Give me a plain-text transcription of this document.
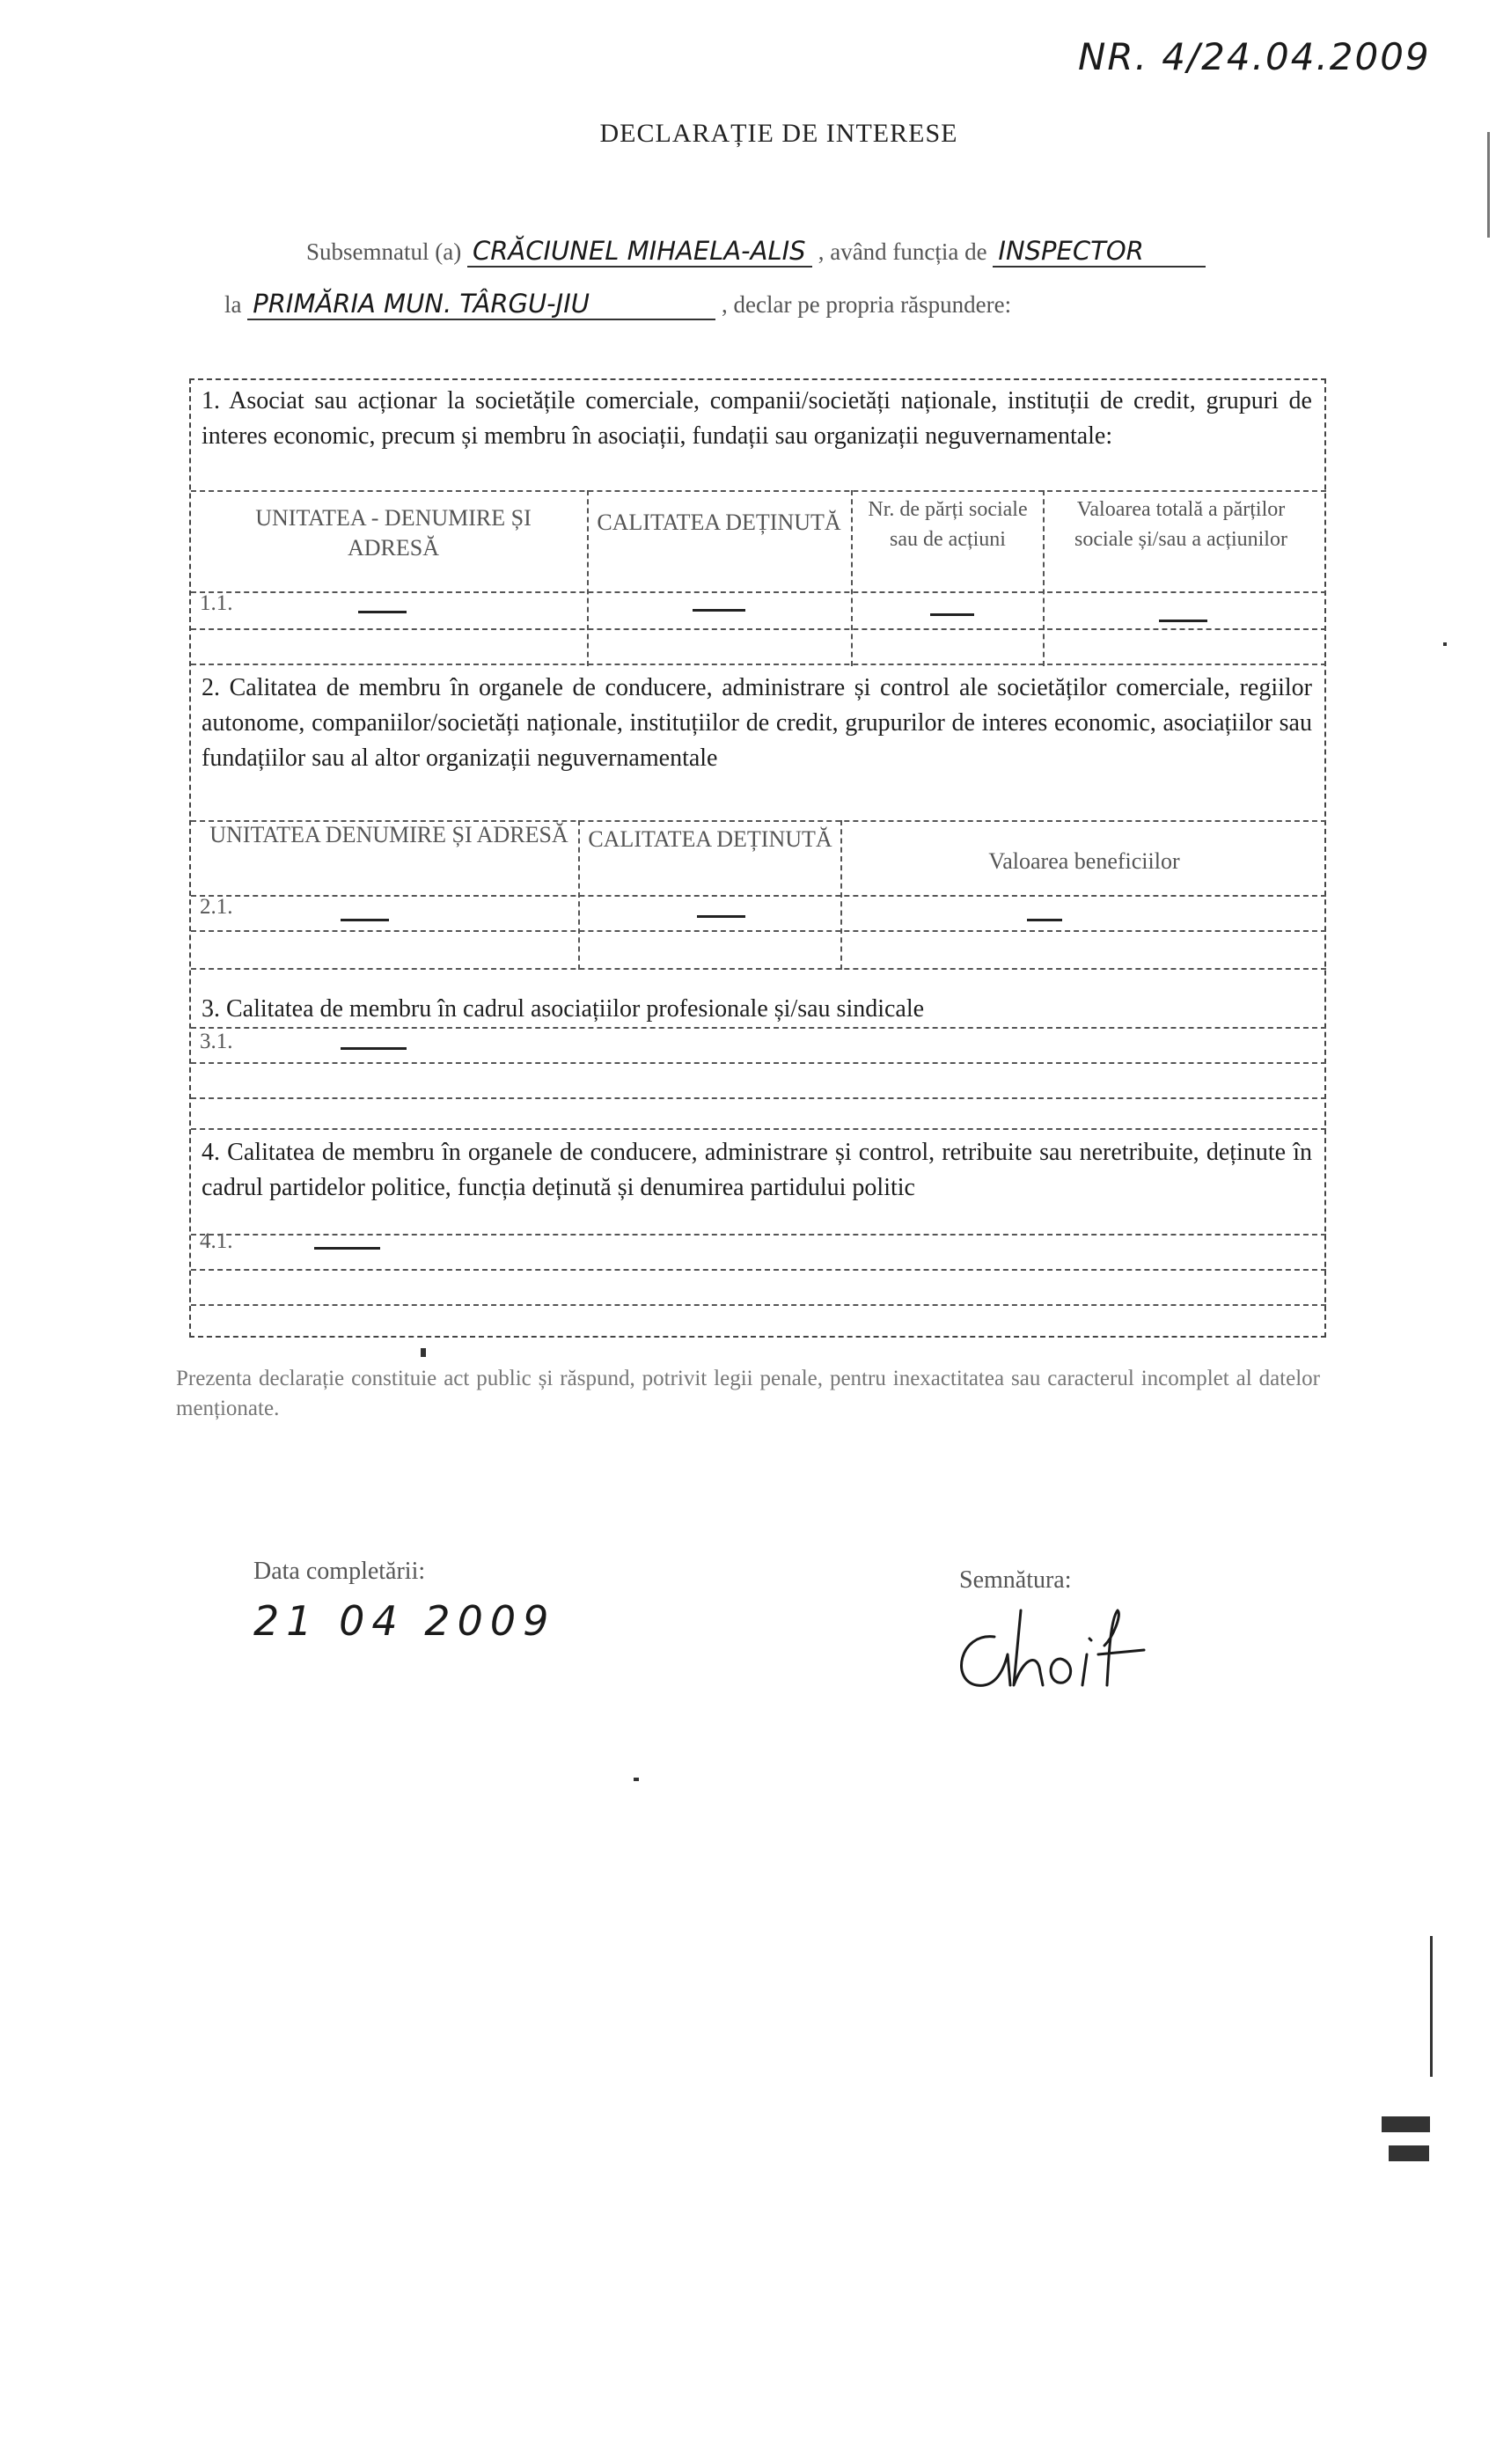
NR. 4/24.04.2009
DECLARAȚIE DE INTERESE
Subsemnatul (a) CRĂCIUNEL MIHAELA-ALIS , având funcția de INSPECTOR
la PRIMĂRIA MUN. TÂRGU-JIU	, declar pe propria răspundere:
1. Asociat sau acționar la societățile comerciale, companii/societăți naționale, instituții de credit, grupuri de interes economic, precum și membru în asociații, fundații sau organizații neguvernamentale:
UNITATEA - DENUMIRE ȘI ADRESĂ
CALITATEA DEȚINUTĂ	Nr. de părți sociale sau de acțiuni
Valoarea totală a părților sociale și/sau a acțiunilor
1.1.
2. Calitatea de membru în organele de conducere, administrare și control ale societăților comerciale, regiilor autonome, companiilor/societăți naționale, instituțiilor de credit, grupurilor de interes economic, asociațiilor sau fundațiilor sau al altor organizații neguvernamentale
UNITATEA DENUMIRE ȘI ADRESĂ CALITATEA DEȚINUTĂ
Valoarea beneficiilor
2.1.
3. Calitatea de membru în cadrul asociațiilor profesionale și/sau sindicale
3.1.
4. Calitatea de membru în organele de conducere, administrare și control, retribuite sau neretribuite, deținute în cadrul partidelor politice, funcția deținută și denumirea partidului politic
4.1.
Prezenta declarație constituie act public și răspund, potrivit legii penale, pentru inexactitatea sau caracterul incomplet al datelor menționate.
Data completării:
21 04 2009
Semnătura:
